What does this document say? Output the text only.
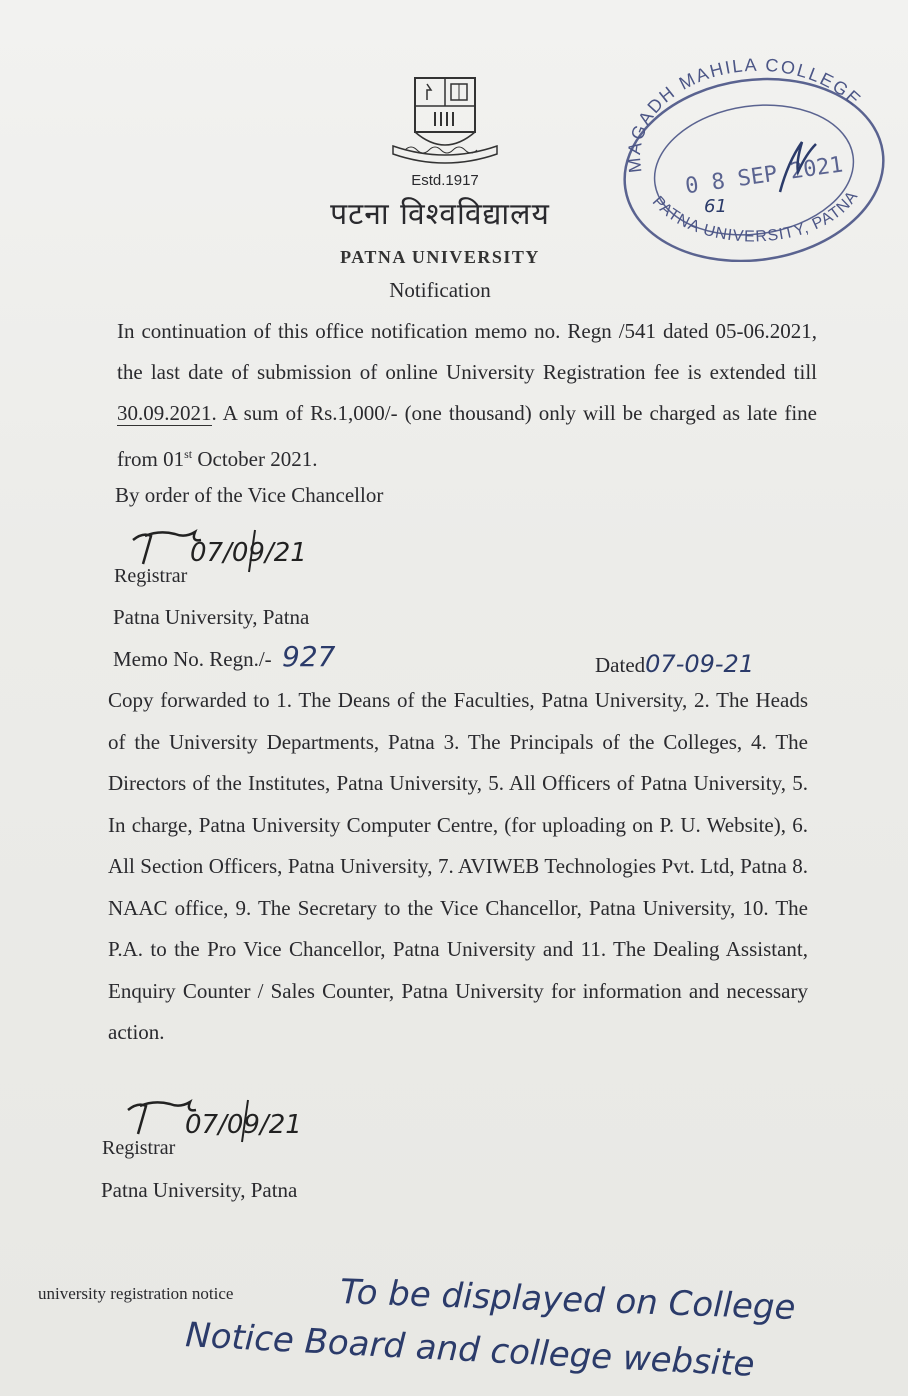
Estd.1917
पटना विश्वविद्यालय
PATNA UNIVERSITY
Notification
MAGADH MAHILA COLLEGE
PATNA UNIVERSITY, PATNA
0 8 SEP 2021
61
In continuation of this office notification memo no. Regn /541 dated 05-06.2021, the last date of submission of online University Registration fee is extended till 30.09.2021. A sum of Rs.1,000/- (one thousand) only will be charged as late fine from 01st October 2021.
By order of the Vice Chancellor
07/09/21
Registrar
Patna University, Patna
Memo No. Regn./- 927	Dated07-09-21
Copy forwarded to 1. The Deans of the Faculties, Patna University, 2. The Heads of the University Departments, Patna 3. The Principals of the Colleges, 4. The Directors of the Institutes, Patna University, 5. All Officers of Patna University, 5. In charge, Patna University Computer Centre, (for uploading on P. U. Website), 6. All Section Officers, Patna University, 7. AVIWEB Technologies Pvt. Ltd, Patna 8. NAAC office, 9. The Secretary to the Vice Chancellor, Patna University, 10. The P.A. to the Pro Vice Chancellor, Patna University and 11. The Dealing Assistant, Enquiry Counter / Sales Counter, Patna University for information and necessary action.
07/09/21
Registrar
Patna University, Patna
university registration notice	To be displayed on College
Notice Board and college website
